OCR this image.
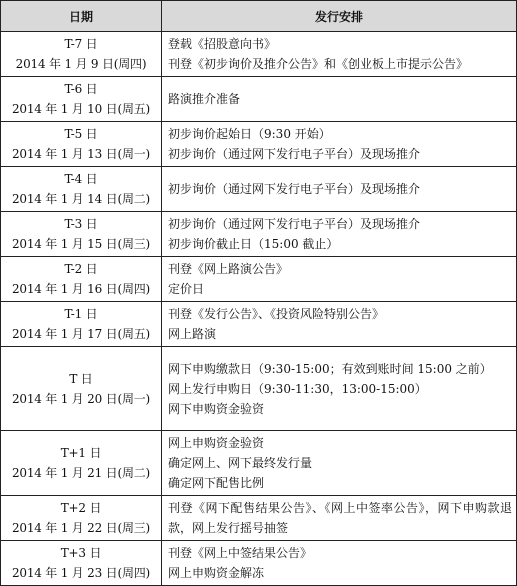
日期	发行安排

T-7 日
2014 年 1 月 9 日(周四)	登载《招股意向书》
刊登《初步询价及推介公告》和《创业板上市提示公告》

T-6 日
2014 年 1 月 10 日(周五)	路演推介准备

T-5 日
2014 年 1 月 13 日(周一)	初步询价起始日（9:30 开始）
初步询价（通过网下发行电子平台）及现场推介

T-4 日
2014 年 1 月 14 日(周二)	初步询价（通过网下发行电子平台）及现场推介

T-3 日
2014 年 1 月 15 日(周三)	初步询价（通过网下发行电子平台）及现场推介
初步询价截止日（15:00 截止）

T-2 日
2014 年 1 月 16 日(周四)	刊登《网上路演公告》
定价日

T-1 日
2014 年 1 月 17 日(周五)	刊登《发行公告》、《投资风险特别公告》
网上路演

T 日
2014 年 1 月 20 日(周一)	网下申购缴款日（9:30-15:00；有效到账时间 15:00 之前）
网上发行申购日（9:30-11:30，13:00-15:00）
网下申购资金验资

T+1 日
2014 年 1 月 21 日(周二)	网上申购资金验资
确定网上、网下最终发行量
确定网下配售比例

T+2 日
2014 年 1 月 22 日(周三)	刊登《网下配售结果公告》、《网上中签率公告》，网下申购款退款，网上发行摇号抽签

T+3 日
2014 年 1 月 23 日(周四)	刊登《网上中签结果公告》
网上申购资金解冻
